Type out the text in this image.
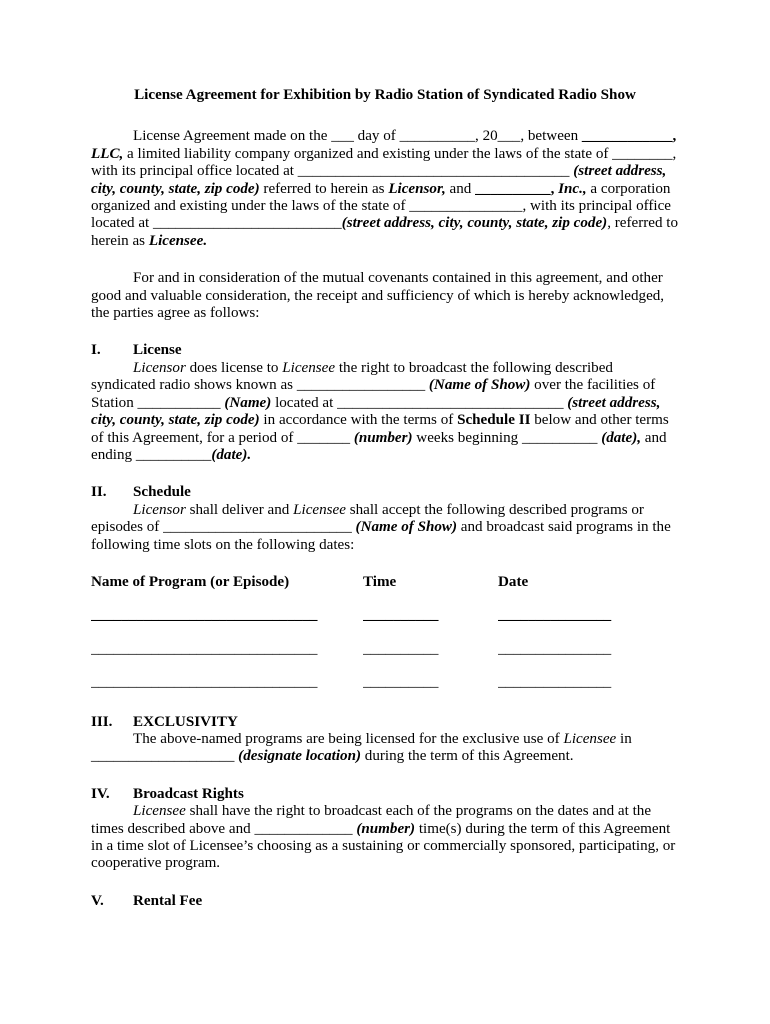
License Agreement for Exhibition by Radio Station of Syndicated Radio Show

License Agreement made on the ___ day of __________, 20___, between ____________, LLC, a limited liability company organized and existing under the laws of the state of ________, with its principal office located at ____________________________________ (street address, city, county, state, zip code) referred to herein as Licensor, and __________, Inc., a corporation organized and existing under the laws of the state of _______________, with its principal office located at _________________________(street address, city, county, state, zip code), referred to herein as Licensee.

For and in consideration of the mutual covenants contained in this agreement, and other good and valuable consideration, the receipt and sufficiency of which is hereby acknowledged, the parties agree as follows:

I. License

Licensor does license to Licensee the right to broadcast the following described syndicated radio shows known as _________________ (Name of Show) over the facilities of Station ___________ (Name) located at ______________________________ (street address, city, county, state, zip code) in accordance with the terms of Schedule II below and other terms of this Agreement, for a period of _______ (number) weeks beginning __________ (date), and ending __________(date).

II. Schedule

Licensor shall deliver and Licensee shall accept the following described programs or episodes of _________________________ (Name of Show) and broadcast said programs in the following time slots on the following dates:

Name of Program (or Episode)	Time	Date
______________________________	__________	_______________
______________________________	__________	_______________
______________________________	__________	_______________

III. EXCLUSIVITY

The above-named programs are being licensed for the exclusive use of Licensee in ___________________ (designate location) during the term of this Agreement.

IV. Broadcast Rights

Licensee shall have the right to broadcast each of the programs on the dates and at the times described above and _____________ (number) time(s) during the term of this Agreement in a time slot of Licensee’s choosing as a sustaining or commercially sponsored, participating, or cooperative program.

V. Rental Fee
